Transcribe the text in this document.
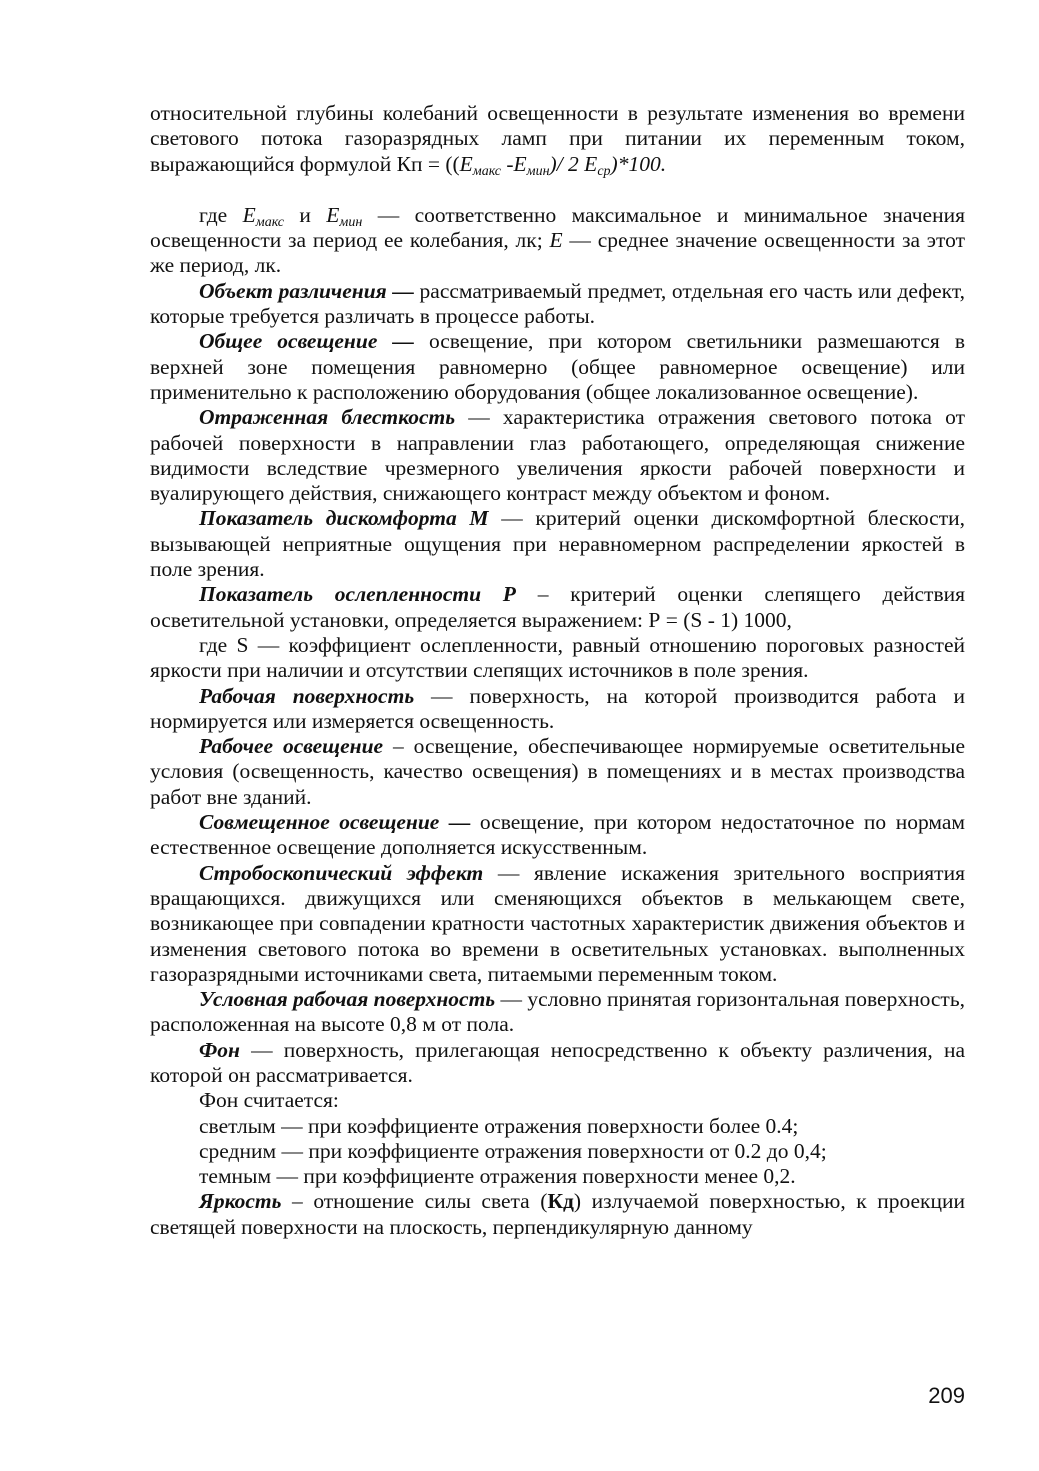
относительной глубины колебаний освещенности в результате изменения во времени светового потока газоразрядных ламп при питании их переменным током, выражающийся формулой Кп = (($E_{макс}$ $-E_{мин})/$ 2 $Е_{ср})*100$.

где $E_{макс}$ и $E_{мин}$ — соответственно максимальное и минимальное значения освещенности за период ее колебания, лк; E — среднее значение освещенности за этот же период, лк.

Объект различения — рассматриваемый предмет, отдельная его часть или дефект, которые требуется различать в процессе работы.

Общее освещение — освещение, при котором светильники размешаются в верхней зоне помещения равномерно (общее равномерное освещение) или применительно к расположению оборудования (общее локализованное освещение).

Отраженная блесткость — характеристика отражения светового потока от рабочей поверхности в направлении глаз работающего, определяющая снижение видимости вследствие чрезмерного увеличения яркости рабочей поверхности и вуалирующего действия, снижающего контраст между объектом и фоном.

Показатель дискомфорта М — критерий оценки дискомфортной блескости, вызывающей неприятные ощущения при неравномерном распределении яркостей в поле зрения.

Показатель ослепленности Р – критерий оценки слепящего действия осветительной установки, определяется выражением: Р = (S - 1) 1000,

где S — коэффициент ослепленности, равный отношению пороговых разностей яркости при наличии и отсутствии слепящих источников в поле зрения.

Рабочая поверхность — поверхность, на которой производится работа и нормируется или измеряется освещенность.

Рабочее освещение – освещение, обеспечивающее нормируемые осветительные условия (освещенность, качество освещения) в помещениях и в местах производства работ вне зданий.

Совмещенное освещение — освещение, при котором недостаточное по нормам естественное освещение дополняется искусственным.

Стробоскопический эффект — явление искажения зрительного восприятия вращающихся. движущихся или сменяющихся объектов в мелькающем свете, возникающее при совпадении кратности частотных характеристик движения объектов и изменения светового потока во времени в осветительных установках. выполненных газоразрядными источниками света, питаемыми переменным током.

Условная рабочая поверхность — условно принятая горизонтальная поверхность, расположенная на высоте 0,8 м от пола.

Фон — поверхность, прилегающая непосредственно к объекту различения, на которой он рассматривается.

Фон считается:

светлым — при коэффициенте отражения поверхности более 0.4;

средним — при коэффициенте отражения поверхности от 0.2 до 0,4;

темным — при коэффициенте отражения поверхности менее 0,2.

Яркость – отношение силы света (Кд) излучаемой поверхностью, к проекции светящей поверхности на плоскость, перпендикулярную данному

209
